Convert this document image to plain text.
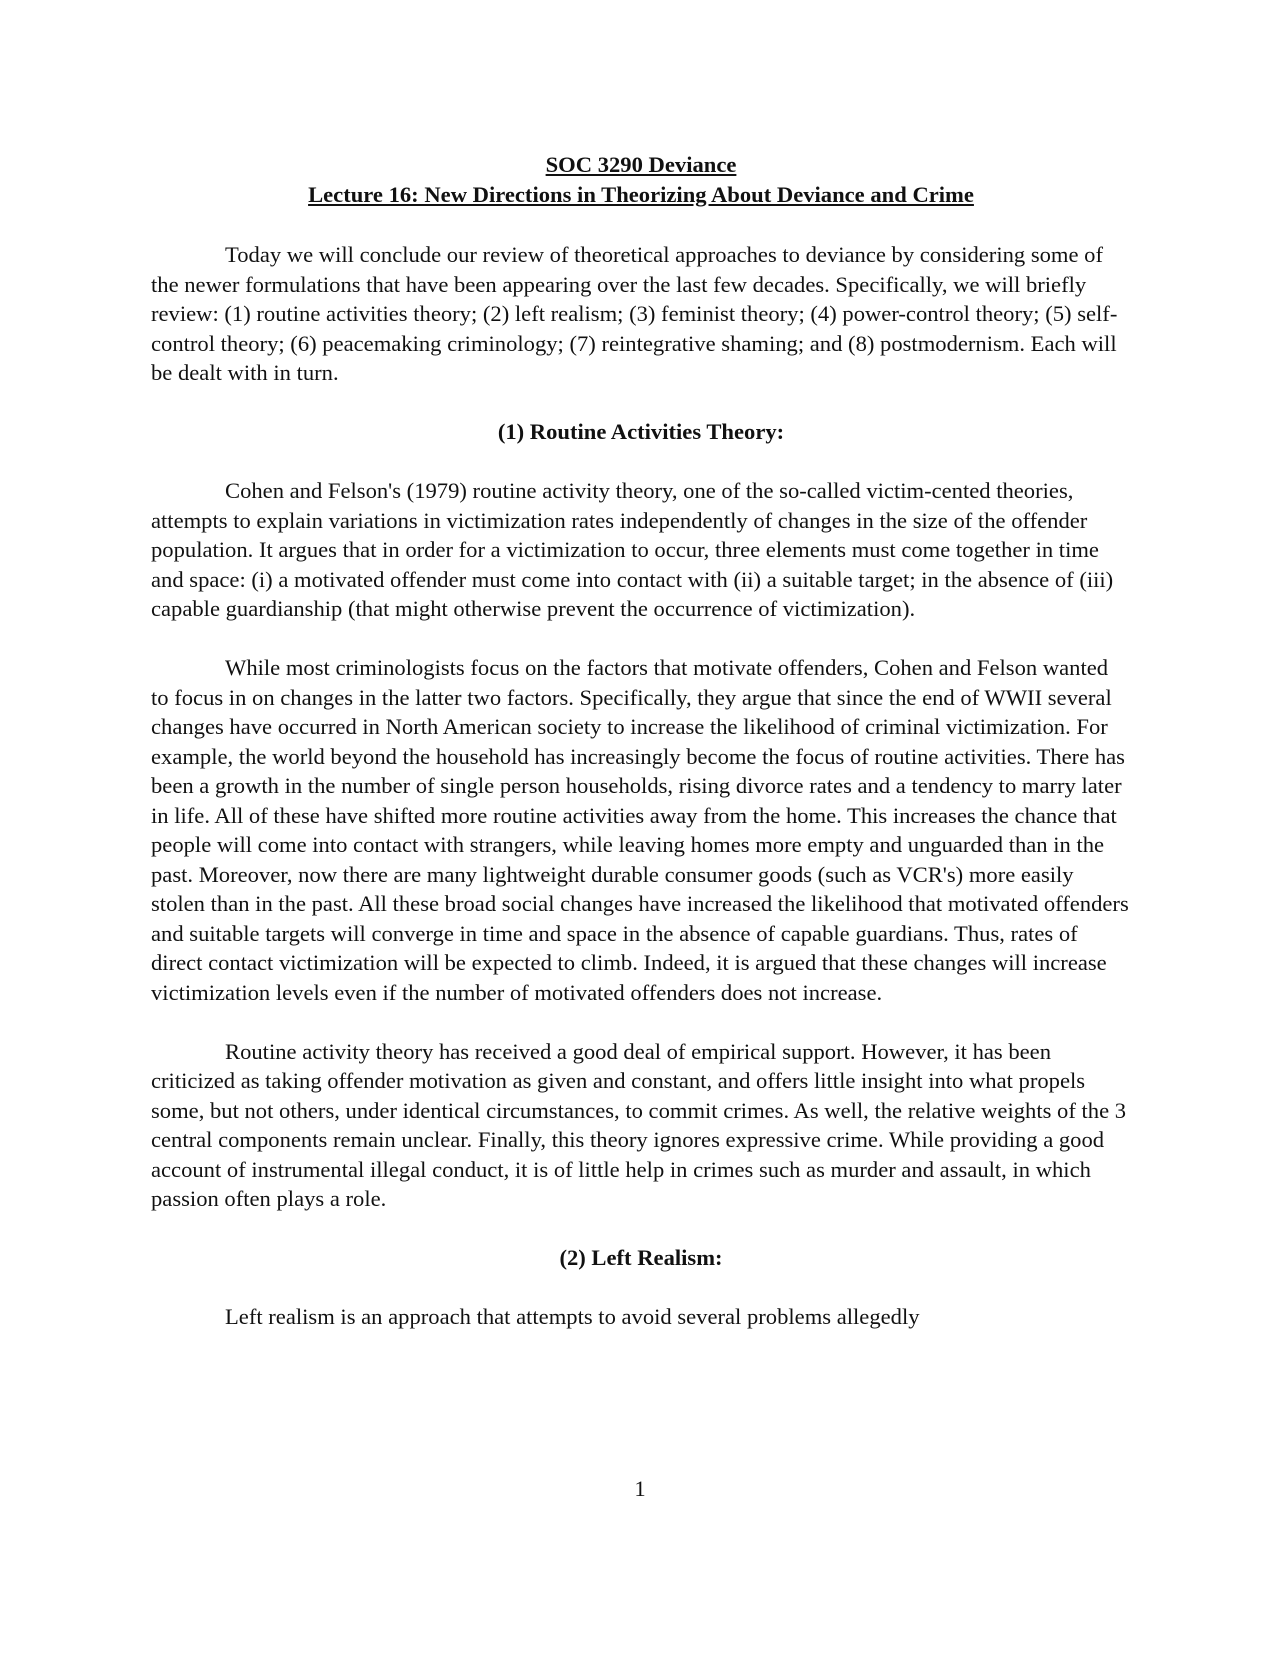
SOC 3290 Deviance

Lecture 16: New Directions in Theorizing About Deviance and Crime

Today we will conclude our review of theoretical approaches to deviance by considering some of the newer formulations that have been appearing over the last few decades. Specifically, we will briefly review: (1) routine activities theory; (2) left realism; (3) feminist theory; (4) power-control theory; (5) self-control theory; (6) peacemaking criminology; (7) reintegrative shaming; and (8) postmodernism. Each will be dealt with in turn.

(1) Routine Activities Theory:

Cohen and Felson's (1979) routine activity theory, one of the so-called victim-cented theories, attempts to explain variations in victimization rates independently of changes in the size of the offender population. It argues that in order for a victimization to occur, three elements must come together in time and space: (i) a motivated offender must come into contact with (ii) a suitable target; in the absence of (iii) capable guardianship (that might otherwise prevent the occurrence of victimization).

While most criminologists focus on the factors that motivate offenders, Cohen and Felson wanted to focus in on changes in the latter two factors. Specifically, they argue that since the end of WWII several changes have occurred in North American society to increase the likelihood of criminal victimization. For example, the world beyond the household has increasingly become the focus of routine activities. There has been a growth in the number of single person households, rising divorce rates and a tendency to marry later in life. All of these have shifted more routine activities away from the home. This increases the chance that people will come into contact with strangers, while leaving homes more empty and unguarded than in the past. Moreover, now there are many lightweight durable consumer goods (such as VCR's) more easily stolen than in the past. All these broad social changes have increased the likelihood that motivated offenders and suitable targets will converge in time and space in the absence of capable guardians. Thus, rates of direct contact victimization will be expected to climb. Indeed, it is argued that these changes will increase victimization levels even if the number of motivated offenders does not increase.

Routine activity theory has received a good deal of empirical support. However, it has been criticized as taking offender motivation as given and constant, and offers little insight into what propels some, but not others, under identical circumstances, to commit crimes. As well, the relative weights of the 3 central components remain unclear. Finally, this theory ignores expressive crime. While providing a good account of instrumental illegal conduct, it is of little help in crimes such as murder and assault, in which passion often plays a role.

(2) Left Realism:

Left realism is an approach that attempts to avoid several problems allegedly

1
